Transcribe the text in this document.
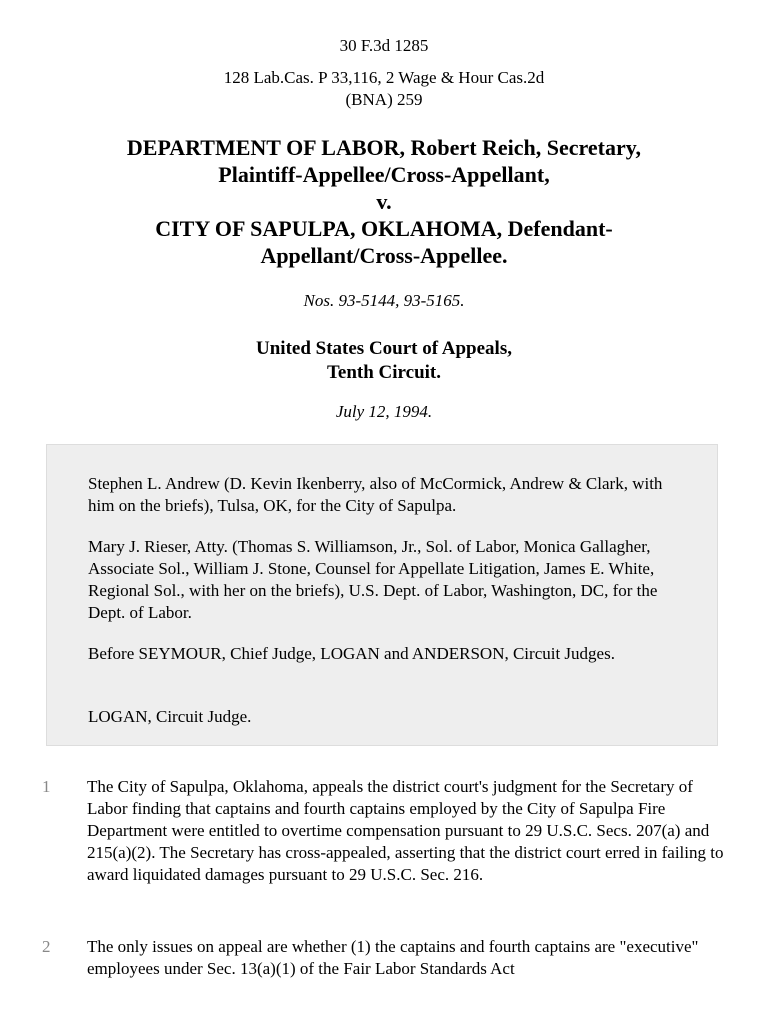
30 F.3d 1285
128 Lab.Cas. P 33,116, 2 Wage & Hour Cas.2d
(BNA) 259
DEPARTMENT OF LABOR, Robert Reich, Secretary,
Plaintiff-Appellee/Cross-Appellant,
v.
CITY OF SAPULPA, OKLAHOMA, Defendant-
Appellant/Cross-Appellee.
Nos. 93-5144, 93-5165.
United States Court of Appeals,
Tenth Circuit.
July 12, 1994.

Stephen L. Andrew (D. Kevin Ikenberry, also of McCormick, Andrew & Clark, with him on the briefs), Tulsa, OK, for the City of Sapulpa.

Mary J. Rieser, Atty. (Thomas S. Williamson, Jr., Sol. of Labor, Monica Gallagher, Associate Sol., William J. Stone, Counsel for Appellate Litigation, James E. White, Regional Sol., with her on the briefs), U.S. Dept. of Labor, Washington, DC, for the Dept. of Labor.

Before SEYMOUR, Chief Judge, LOGAN and ANDERSON, Circuit Judges.

LOGAN, Circuit Judge.

1	The City of Sapulpa, Oklahoma, appeals the district court's judgment for the Secretary of Labor finding that captains and fourth captains employed by the City of Sapulpa Fire Department were entitled to overtime compensation pursuant to 29 U.S.C. Secs. 207(a) and 215(a)(2). The Secretary has cross-appealed, asserting that the district court erred in failing to award liquidated damages pursuant to 29 U.S.C. Sec. 216.
2	The only issues on appeal are whether (1) the captains and fourth captains are "executive" employees under Sec. 13(a)(1) of the Fair Labor Standards Act
